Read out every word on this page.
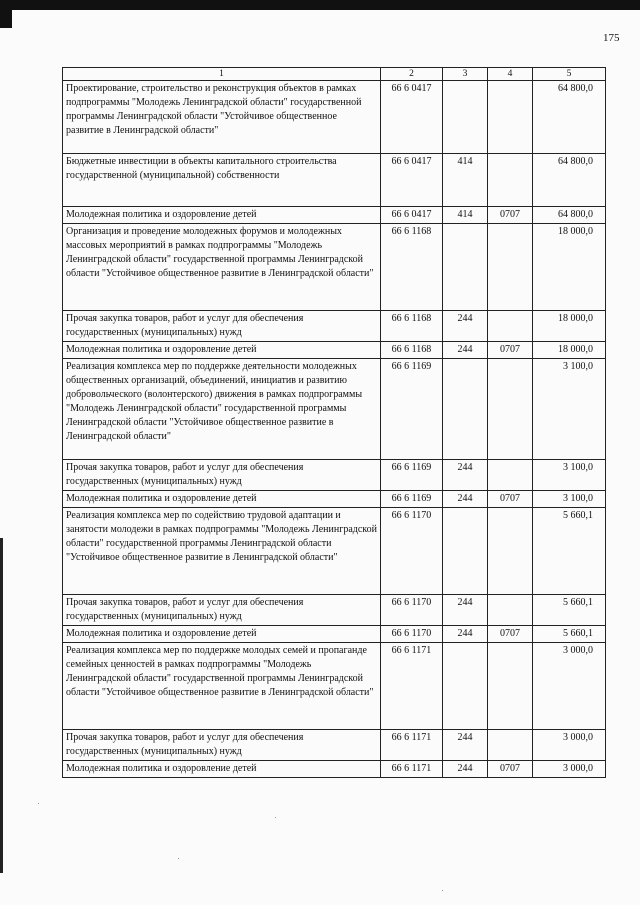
175
1	2	3	4	5
Проектирование, строительство и реконструкция объектов в рамках подпрограммы "Молодежь Ленинградской области" государственной программы Ленинградской области "Устойчивое общественное развитие в Ленинградской области"	66 6 0417			64 800,0
Бюджетные инвестиции в объекты капитального строительства государственной (муниципальной) собственности	66 6 0417	414		64 800,0
Молодежная политика и оздоровление детей	66 6 0417	414	0707	64 800,0
Организация и проведение молодежных форумов и молодежных массовых мероприятий в рамках подпрограммы "Молодежь Ленинградской области" государственной программы Ленинградской области "Устойчивое общественное развитие в Ленинградской области"	66 6 1168			18 000,0
Прочая закупка товаров, работ и услуг для обеспечения государственных (муниципальных) нужд	66 6 1168	244		18 000,0
Молодежная политика и оздоровление детей	66 6 1168	244	0707	18 000,0
Реализация комплекса мер по поддержке деятельности молодежных общественных организаций, объединений, инициатив и развитию добровольческого (волонтерского) движения в рамках подпрограммы "Молодежь Ленинградской области" государственной программы Ленинградской области "Устойчивое общественное развитие в Ленинградской области"	66 6 1169			3 100,0
Прочая закупка товаров, работ и услуг для обеспечения государственных (муниципальных) нужд	66 6 1169	244		3 100,0
Молодежная политика и оздоровление детей	66 6 1169	244	0707	3 100,0
Реализация комплекса мер по содействию трудовой адаптации и занятости молодежи в рамках подпрограммы "Молодежь Ленинградской области" государственной программы Ленинградской области "Устойчивое общественное развитие в Ленинградской области"	66 6 1170			5 660,1
Прочая закупка товаров, работ и услуг для обеспечения государственных (муниципальных) нужд	66 6 1170	244		5 660,1
Молодежная политика и оздоровление детей	66 6 1170	244	0707	5 660,1
Реализация комплекса мер по поддержке молодых семей и пропаганде семейных ценностей в рамках подпрограммы "Молодежь Ленинградской области" государственной программы Ленинградской области "Устойчивое общественное развитие в Ленинградской области"	66 6 1171			3 000,0
Прочая закупка товаров, работ и услуг для обеспечения государственных (муниципальных) нужд	66 6 1171	244		3 000,0
Молодежная политика и оздоровление детей	66 6 1171	244	0707	3 000,0
